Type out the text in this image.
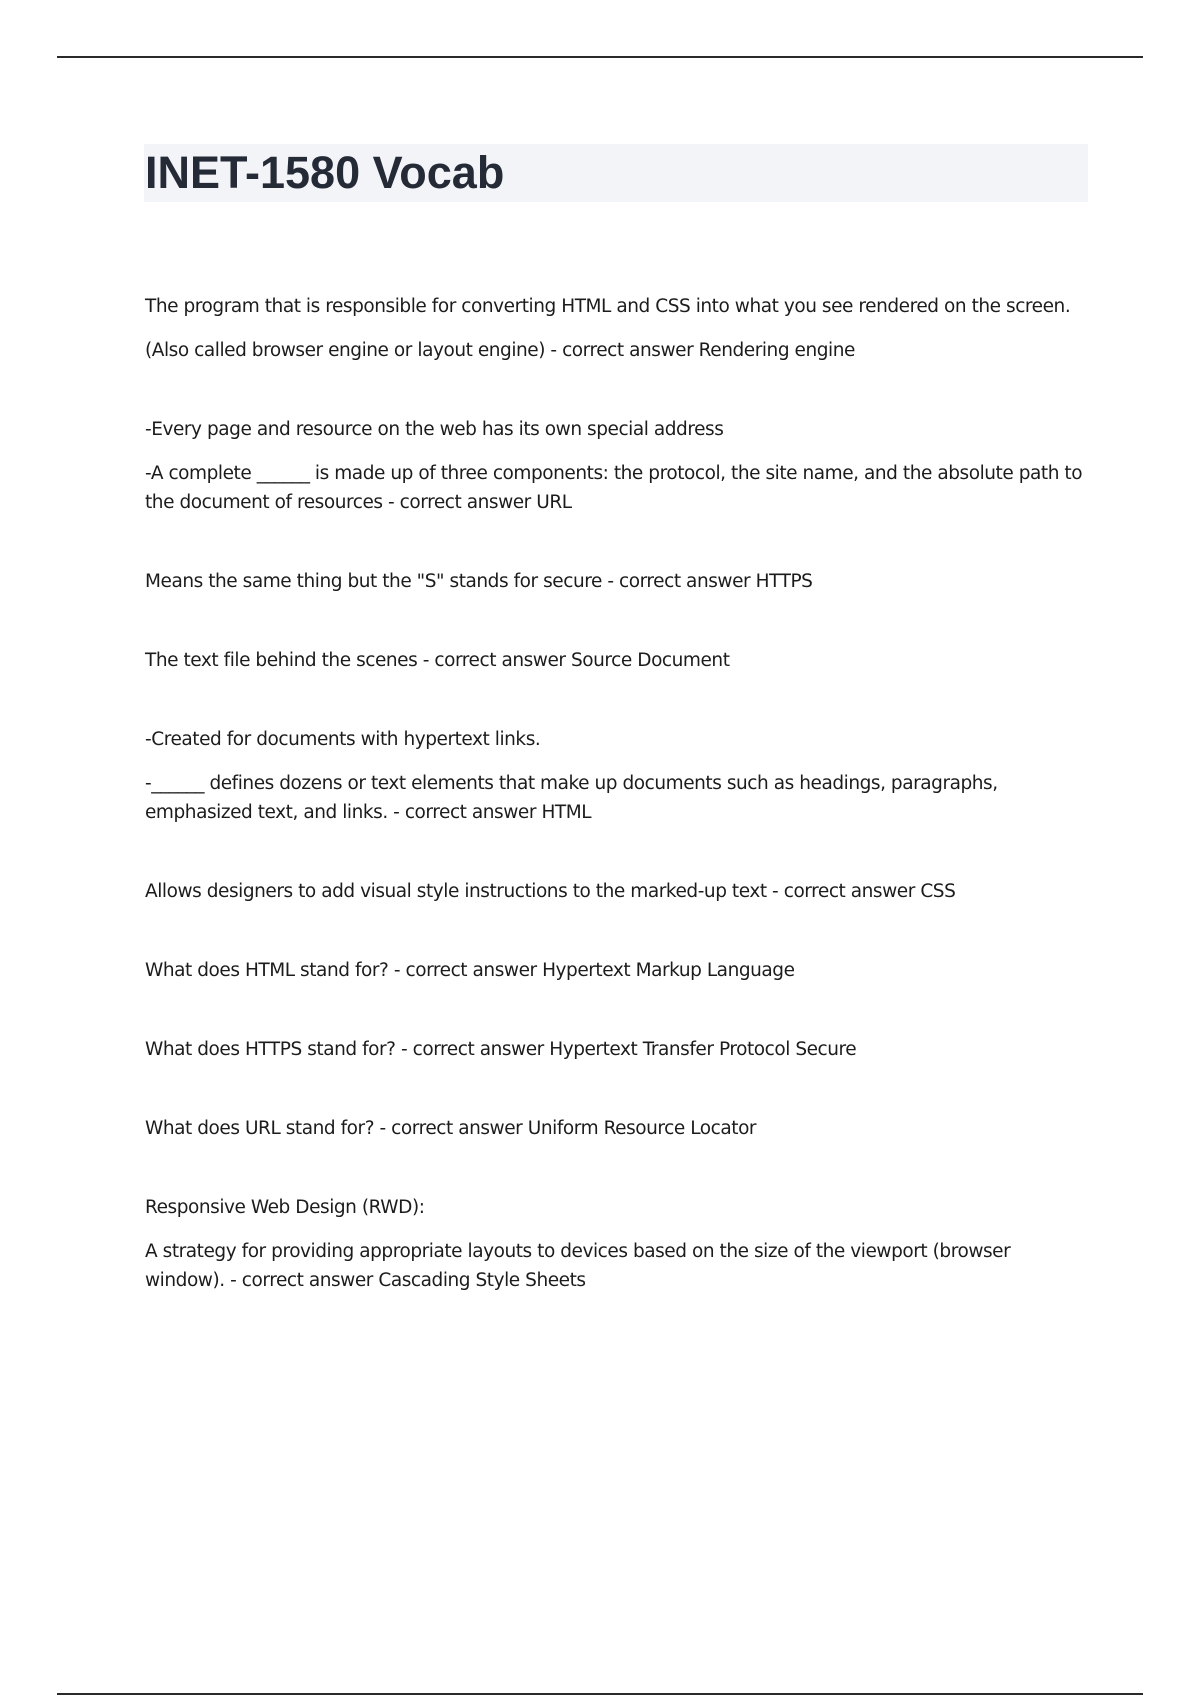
INET-1580 Vocab

The program that is responsible for converting HTML and CSS into what you see rendered on the screen.

(Also called browser engine or layout engine) - correct answer Rendering engine

-Every page and resource on the web has its own special address

-A complete ______ is made up of three components: the protocol, the site name, and the absolute path to the document of resources - correct answer URL

Means the same thing but the "S" stands for secure - correct answer HTTPS

The text file behind the scenes - correct answer Source Document

-Created for documents with hypertext links.

-______ defines dozens or text elements that make up documents such as headings, paragraphs, emphasized text, and links. - correct answer HTML

Allows designers to add visual style instructions to the marked-up text - correct answer CSS

What does HTML stand for? - correct answer Hypertext Markup Language

What does HTTPS stand for? - correct answer Hypertext Transfer Protocol Secure

What does URL stand for? - correct answer Uniform Resource Locator

Responsive Web Design (RWD):

A strategy for providing appropriate layouts to devices based on the size of the viewport (browser window). - correct answer Cascading Style Sheets
